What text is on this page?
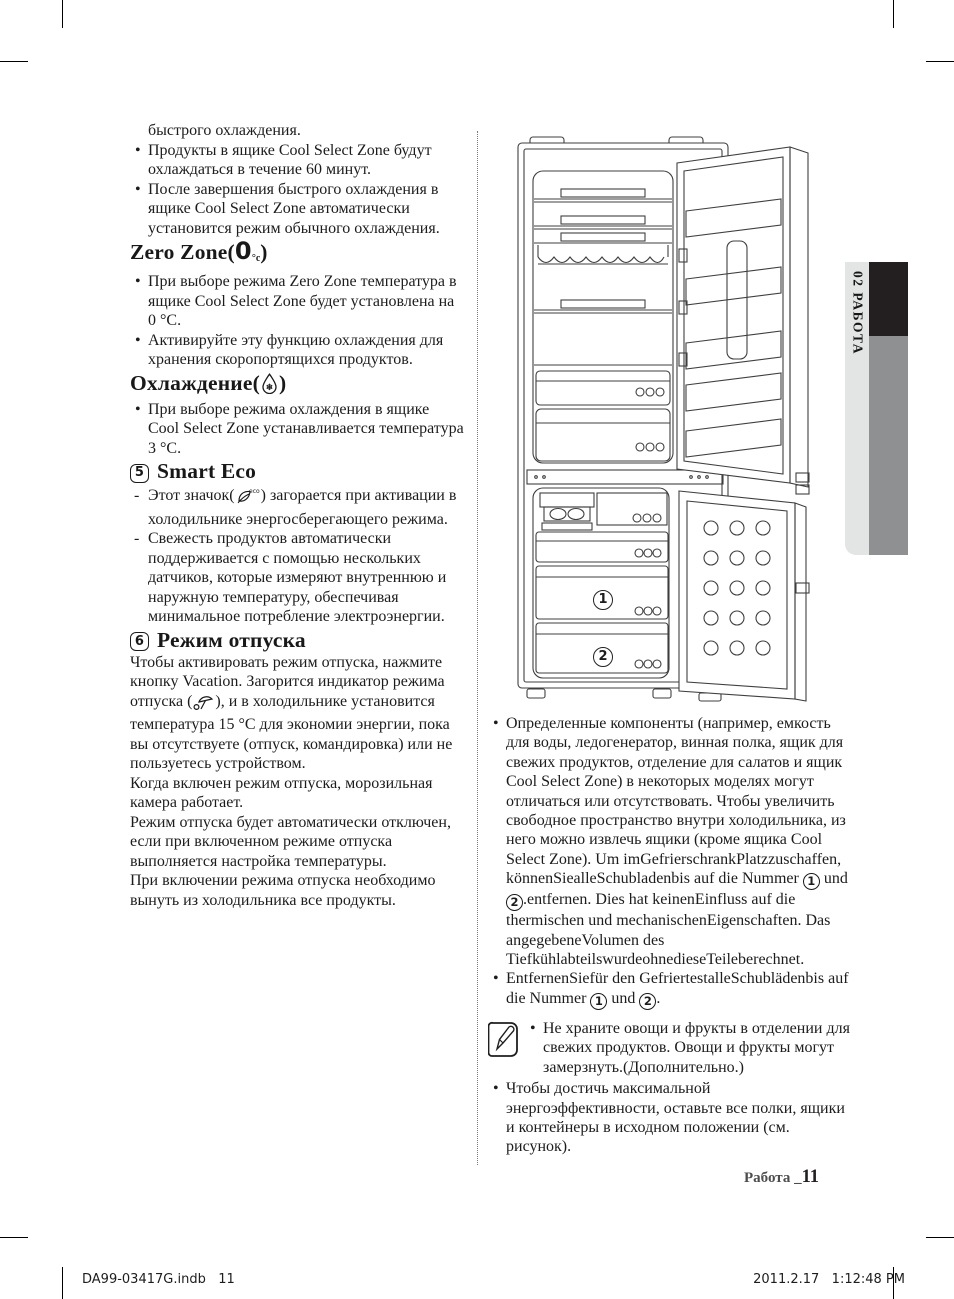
быстрого охлаждения.
• Продукты в ящике Cool Select Zone будут охлаждаться в течение 60 минут.
• После завершения быстрого охлаждения в ящике Cool Select Zone автоматически установится режим обычного охлаждения.
Zero Zone(0°c)
• При выборе режима Zero Zone температура в ящике Cool Select Zone будет установлена на 0 °C.
• Активируйте эту функцию охлаждения для хранения скоропортящихся продуктов.
Охлаждение( ❄ )
• При выборе режима охлаждения в ящике Cool Select Zone устанавливается температура 3 °C.
5 Smart Eco
- Этот значок( eco ) загорается при активации в холодильнике энергосберегающего режима.
- Свежесть продуктов автоматически поддерживается с помощью нескольких датчиков, которые измеряют внутреннюю и наружную температуру, обеспечивая минимальное потребление электроэнергии.
6 Режим отпуска

Чтобы активировать режим отпуска, нажмите кнопку Vacation. Загорится индикатор режима отпуска ( ), и в холодильнике установится температура 15 °C для экономии энергии, пока вы отсутствуете (отпуск, командировка) или не пользуетесь устройством.

Когда включен режим отпуска, морозильная камера работает.

Режим отпуска будет автоматически отключен, если при включенном режиме отпуска выполняется настройка температуры.

При включении режима отпуска необходимо вынуть из холодильника все продукты.

1
2
• Определенные компоненты (например, емкость для воды, ледогенератор, винная полка, ящик для свежих продуктов, отделение для салатов и ящик Cool Select Zone) в некоторых моделях могут отличаться или отсутствовать. Чтобы увеличить свободное пространство внутри холодильника, из него можно извлечь ящики (кроме ящика Cool Select Zone). Um imGefrierschrankPlatzzuschaffen, könnenSiealleSchubladenbis auf die Nummer 1 und 2 .entfernen. Dies hat keinenEinfluss auf die thermischen und mechanischenEigenschaften. Das angegebeneVolumen des TiefkühlabteilswurdeohnedieseTeileberechnet.
• EntfernenSiefür den GefriertestalleSchublädenbis auf die Nummer 1 und 2 .
• Не храните овощи и фрукты в отделении для свежих продуктов. Овощи и фрукты могут замерзнуть.(Дополнительно.)
• Чтобы достичь максимальной энергоэффективности, оставьте все полки, ящики и контейнеры в исходном положении (см. рисунок).
02 РАБОТА
Работа _11
DA99-03417G.indb   11	2011.2.17   1:12:48 PM
